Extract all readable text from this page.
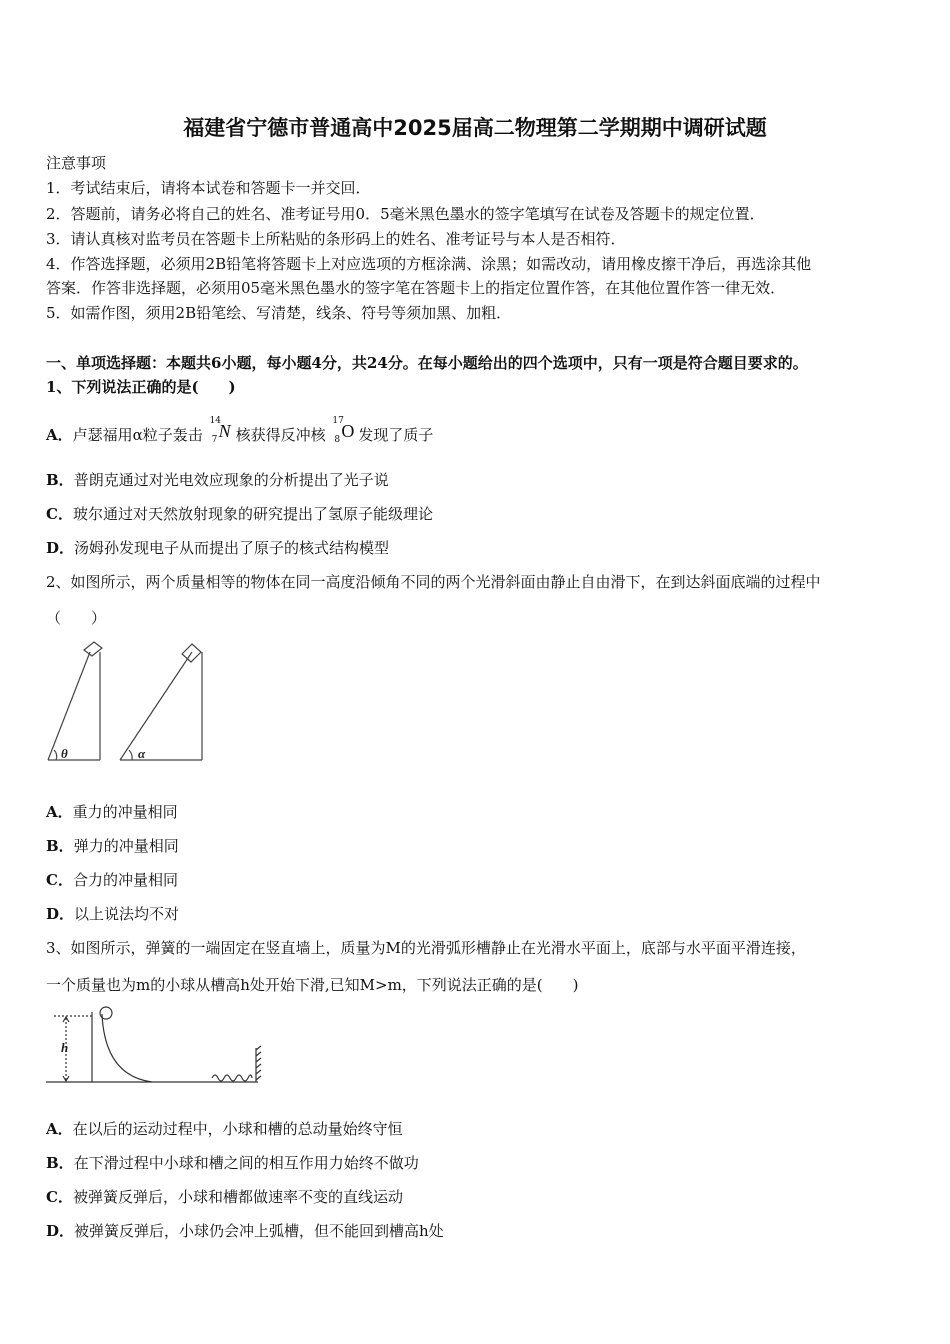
福建省宁德市普通高中2025届高二物理第二学期期中调研试题
注意事项
1．考试结束后，请将本试卷和答题卡一并交回．
2．答题前，请务必将自己的姓名、准考证号用0．5毫米黑色墨水的签字笔填写在试卷及答题卡的规定位置．
3．请认真核对监考员在答题卡上所粘贴的条形码上的姓名、准考证号与本人是否相符．
4．作答选择题，必须用2B铅笔将答题卡上对应选项的方框涂满、涂黑；如需改动，请用橡皮擦干净后，再选涂其他
答案．作答非选择题，必须用05毫米黑色墨水的签字笔在答题卡上的指定位置作答，在其他位置作答一律无效．
5．如需作图，须用2B铅笔绘、写清楚，线条、符号等须加黑、加粗．
一、单项选择题：本题共6小题，每小题4分，共24分。在每小题给出的四个选项中，只有一项是符合题目要求的。
1、下列说法正确的是(　　)
A．卢瑟福用α粒子轰击
14
7 N 核获得反冲核
17
8 O 发现了质子
B．普朗克通过对光电效应现象的分析提出了光子说
C．玻尔通过对天然放射现象的研究提出了氢原子能级理论
D．汤姆孙发现电子从而提出了原子的核式结构模型
2、如图所示，两个质量相等的物体在同一高度沿倾角不同的两个光滑斜面由静止自由滑下，在到达斜面底端的过程中
（　　）
θ	α
A．重力的冲量相同
B．弹力的冲量相同
C．合力的冲量相同
D．以上说法均不对
3、如图所示，弹簧的一端固定在竖直墙上，质量为M的光滑弧形槽静止在光滑水平面上，底部与水平面平滑连接，
一个质量也为m的小球从槽高h处开始下滑,已知M>m，下列说法正确的是(　　)
h
A．在以后的运动过程中，小球和槽的总动量始终守恒
B．在下滑过程中小球和槽之间的相互作用力始终不做功
C．被弹簧反弹后，小球和槽都做速率不变的直线运动
D．被弹簧反弹后，小球仍会冲上弧槽，但不能回到槽高h处
